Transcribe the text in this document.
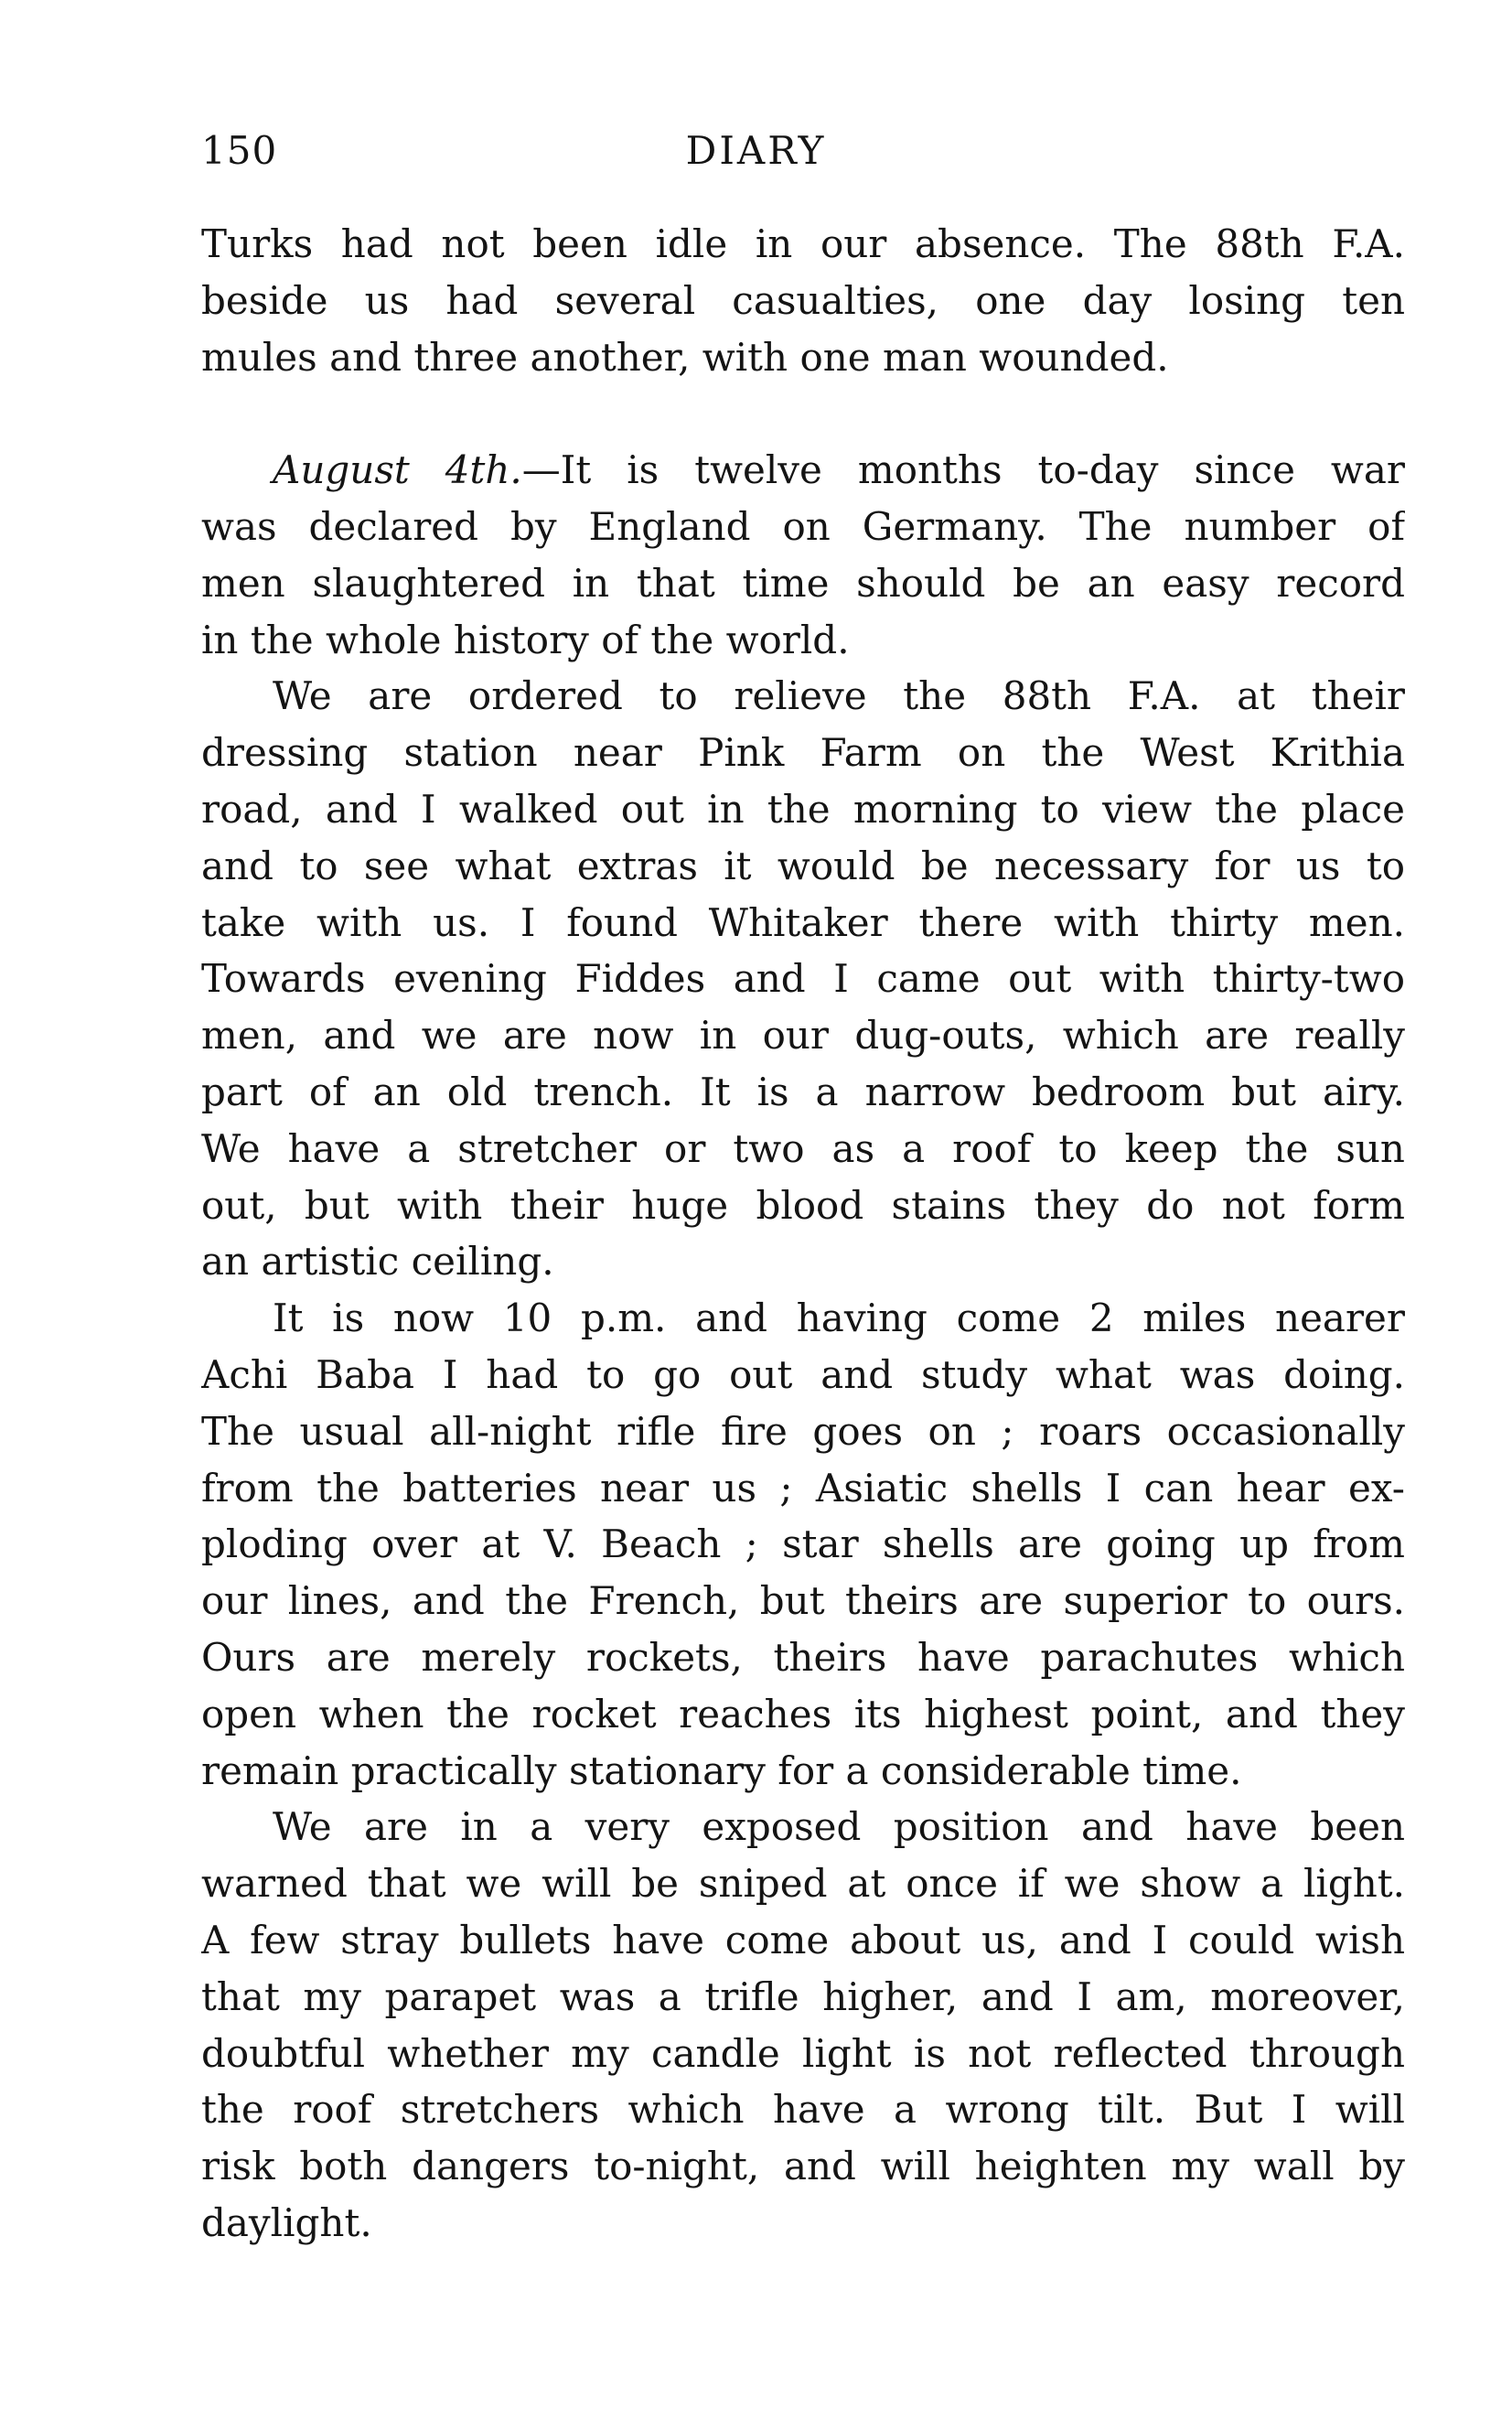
150	DIARY
Turks had not been idle in our absence. The 88th F.A.
beside us had several casualties, one day losing ten
mules and three another, with one man wounded.
August 4th.—It is twelve months to-day since war
was declared by England on Germany. The number of
men slaughtered in that time should be an easy record
in the whole history of the world.
We are ordered to relieve the 88th F.A. at their
dressing station near Pink Farm on the West Krithia
road, and I walked out in the morning to view the place
and to see what extras it would be necessary for us to
take with us. I found Whitaker there with thirty men.
Towards evening Fiddes and I came out with thirty-two
men, and we are now in our dug-outs, which are really
part of an old trench. It is a narrow bedroom but airy.
We have a stretcher or two as a roof to keep the sun
out, but with their huge blood stains they do not form
an artistic ceiling.
It is now 10 p.m. and having come 2 miles nearer
Achi Baba I had to go out and study what was doing.
The usual all-night rifle fire goes on ; roars occasionally
from the batteries near us ; Asiatic shells I can hear ex-
ploding over at V. Beach ; star shells are going up from
our lines, and the French, but theirs are superior to ours.
Ours are merely rockets, theirs have parachutes which
open when the rocket reaches its highest point, and they
remain practically stationary for a considerable time.
We are in a very exposed position and have been
warned that we will be sniped at once if we show a light.
A few stray bullets have come about us, and I could wish
that my parapet was a trifle higher, and I am, moreover,
doubtful whether my candle light is not reflected through
the roof stretchers which have a wrong tilt. But I will
risk both dangers to-night, and will heighten my wall by
daylight.
